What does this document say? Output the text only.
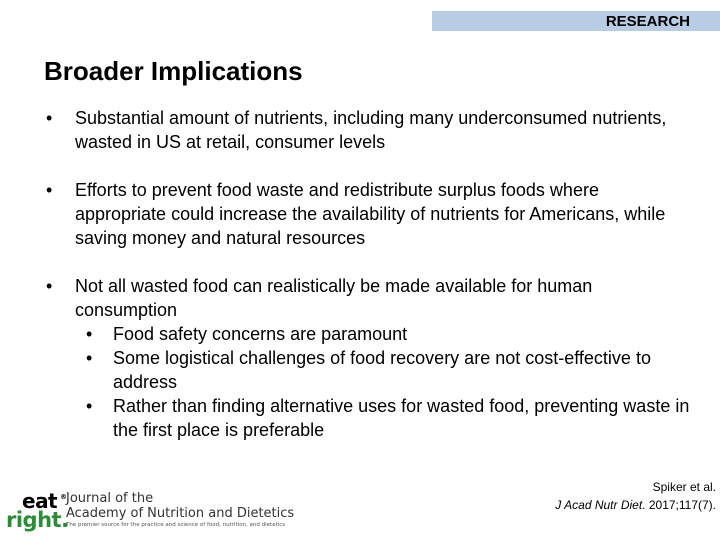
RESEARCH
Broader Implications
• Substantial amount of nutrients, including many underconsumed nutrients, wasted in US at retail, consumer levels
• Efforts to prevent food waste and redistribute surplus foods where appropriate could increase the availability of nutrients for Americans, while saving money and natural resources
• Not all wasted food can realistically be made available for human consumption
• Food safety concerns are paramount
• Some logistical challenges of food recovery are not cost-effective to address
• Rather than finding alternative uses for wasted food, preventing waste in the first place is preferable
eat
right.
® Journal of the
Academy of Nutrition and Dietetics
The premier source for the practice and science of food, nutrition, and dietetics
Spiker et al.
J Acad Nutr Diet. 2017;117(7).
